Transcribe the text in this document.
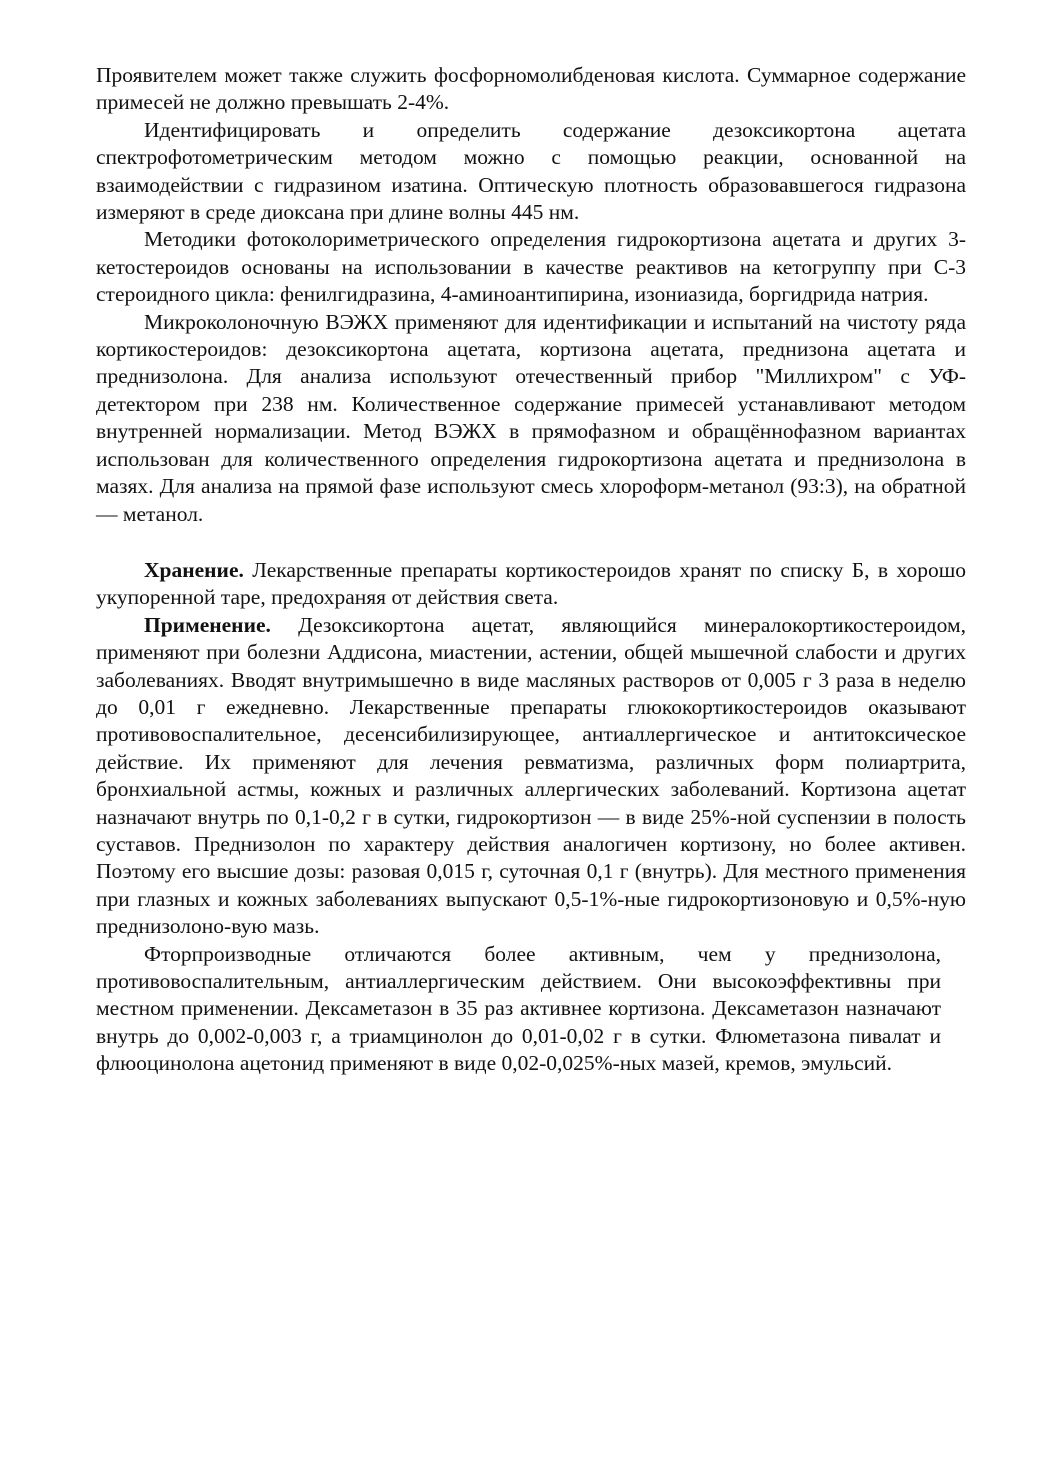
Проявителем может также служить фосфорномолибденовая кислота. Суммарное содержание примесей не должно превышать 2-4%.

Идентифицировать и определить содержание дезоксикортона ацетата спектрофотометрическим методом можно с помощью реакции, основанной на взаимодействии с гидразином изатина. Оптическую плотность образовавшегося гидразона измеряют в среде диоксана при длине волны 445 нм.

Методики фотоколориметрического определения гидрокортизона ацетата и других 3-кетостероидов основаны на использовании в качестве реактивов на кетогруппу при С-3 стероидного цикла: фенилгидразина, 4-аминоантипирина, изониазида, боргидрида натрия.

Микроколоночную ВЭЖХ применяют для идентификации и испытаний на чистоту ряда кортикостероидов: дезоксикортона ацетата, кортизона ацетата, преднизона ацетата и преднизолона. Для анализа используют отечественный прибор "Миллихром" с УФ-детектором при 238 нм. Количественное содержание примесей устанавливают методом внутренней нормализации. Метод ВЭЖХ в прямофазном и обращённофазном вариантах использован для количественного определения гидрокортизона ацетата и преднизолона в мазях. Для анализа на прямой фазе используют смесь хлороформ-метанол (93:3), на обратной — метанол.

Хранение. Лекарственные препараты кортикостероидов хранят по списку Б, в хорошо укупоренной таре, предохраняя от действия света.

Применение. Дезоксикортона ацетат, являющийся минералокортикостероидом, применяют при болезни Аддисона, миастении, астении, общей мышечной слабости и других заболеваниях. Вводят внутримышечно в виде масляных растворов от 0,005 г 3 раза в неделю до 0,01 г ежедневно. Лекарственные препараты глюкокортикостероидов оказывают противовоспалительное, десенсибилизирующее, антиаллергическое и антитоксическое действие. Их применяют для лечения ревматизма, различных форм полиартрита, бронхиальной астмы, кожных и различных аллергических заболеваний. Кортизона ацетат назначают внутрь по 0,1-0,2 г в сутки, гидрокортизон — в виде 25%-ной суспензии в полость суставов. Преднизолон по характеру действия аналогичен кортизону, но более активен. Поэтому его высшие дозы: разовая 0,015 г, суточная 0,1 г (внутрь). Для местного применения при глазных и кожных заболеваниях выпускают 0,5-1%-ные гидрокортизоновую и 0,5%-ную преднизолоно-вую мазь.

Фторпроизводные отличаются более активным, чем у преднизолона, противовоспалительным, антиаллергическим действием. Они высокоэффективны при местном применении. Дексаметазон в 35 раз активнее кортизона. Дексаметазон назначают внутрь до 0,002-0,003 г, а триамцинолон до 0,01-0,02 г в сутки. Флюметазона пивалат и флюоцинолона ацетонид применяют в виде 0,02-0,025%-ных мазей, кремов, эмульсий.
